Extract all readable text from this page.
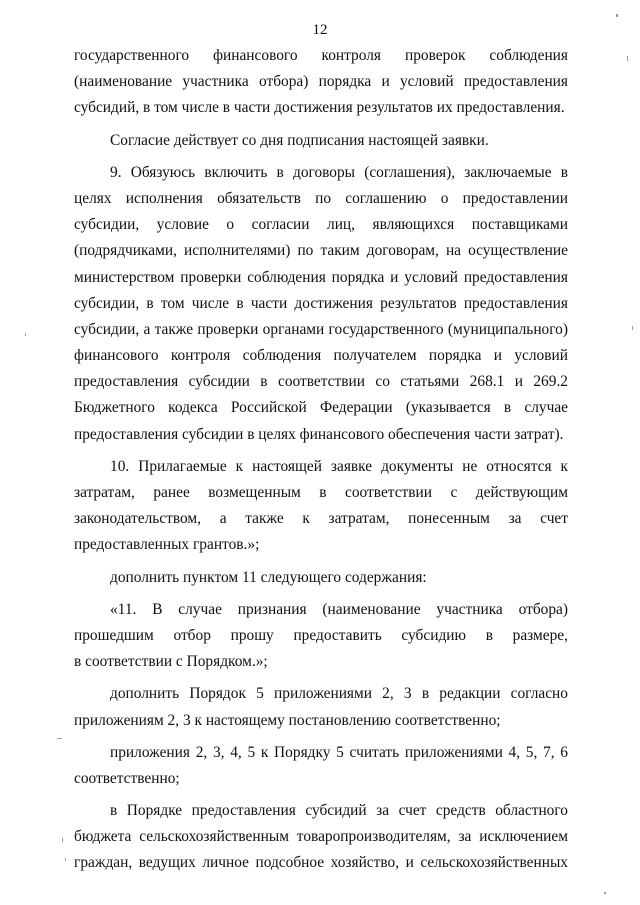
12
государственного финансового контроля проверок соблюдения
(наименование участника отбора) порядка и условий предоставления
субсидий, в том числе в части достижения результатов их предоставления.
Согласие действует со дня подписания настоящей заявки.
9. Обязуюсь включить в договоры (соглашения), заключаемые в
целях исполнения обязательств по соглашению о предоставлении
субсидии, условие о согласии лиц, являющихся поставщиками
(подрядчиками, исполнителями) по таким договорам, на осуществление
министерством проверки соблюдения порядка и условий предоставления
субсидии, в том числе в части достижения результатов предоставления
субсидии, а также проверки органами государственного (муниципального)
финансового контроля соблюдения получателем порядка и условий
предоставления субсидии в соответствии со статьями 268.1 и 269.2
Бюджетного кодекса Российской Федерации (указывается в случае
предоставления субсидии в целях финансового обеспечения части затрат).
10. Прилагаемые к настоящей заявке документы не относятся к
затратам, ранее возмещенным в соответствии с действующим
законодательством, а также к затратам, понесенным за счет
предоставленных грантов.»;
дополнить пунктом 11 следующего содержания:
«11. В случае признания (наименование участника отбора)
прошедшим отбор прошу предоставить субсидию в размере,
в соответствии с Порядком.»;
дополнить Порядок 5 приложениями 2, 3 в редакции согласно
приложениям 2, 3 к настоящему постановлению соответственно;
приложения 2, 3, 4, 5 к Порядку 5 считать приложениями 4, 5, 7, 6
соответственно;
в Порядке предоставления субсидий за счет средств областного
бюджета сельскохозяйственным товаропроизводителям, за исключением
граждан, ведущих личное подсобное хозяйство, и сельскохозяйственных
